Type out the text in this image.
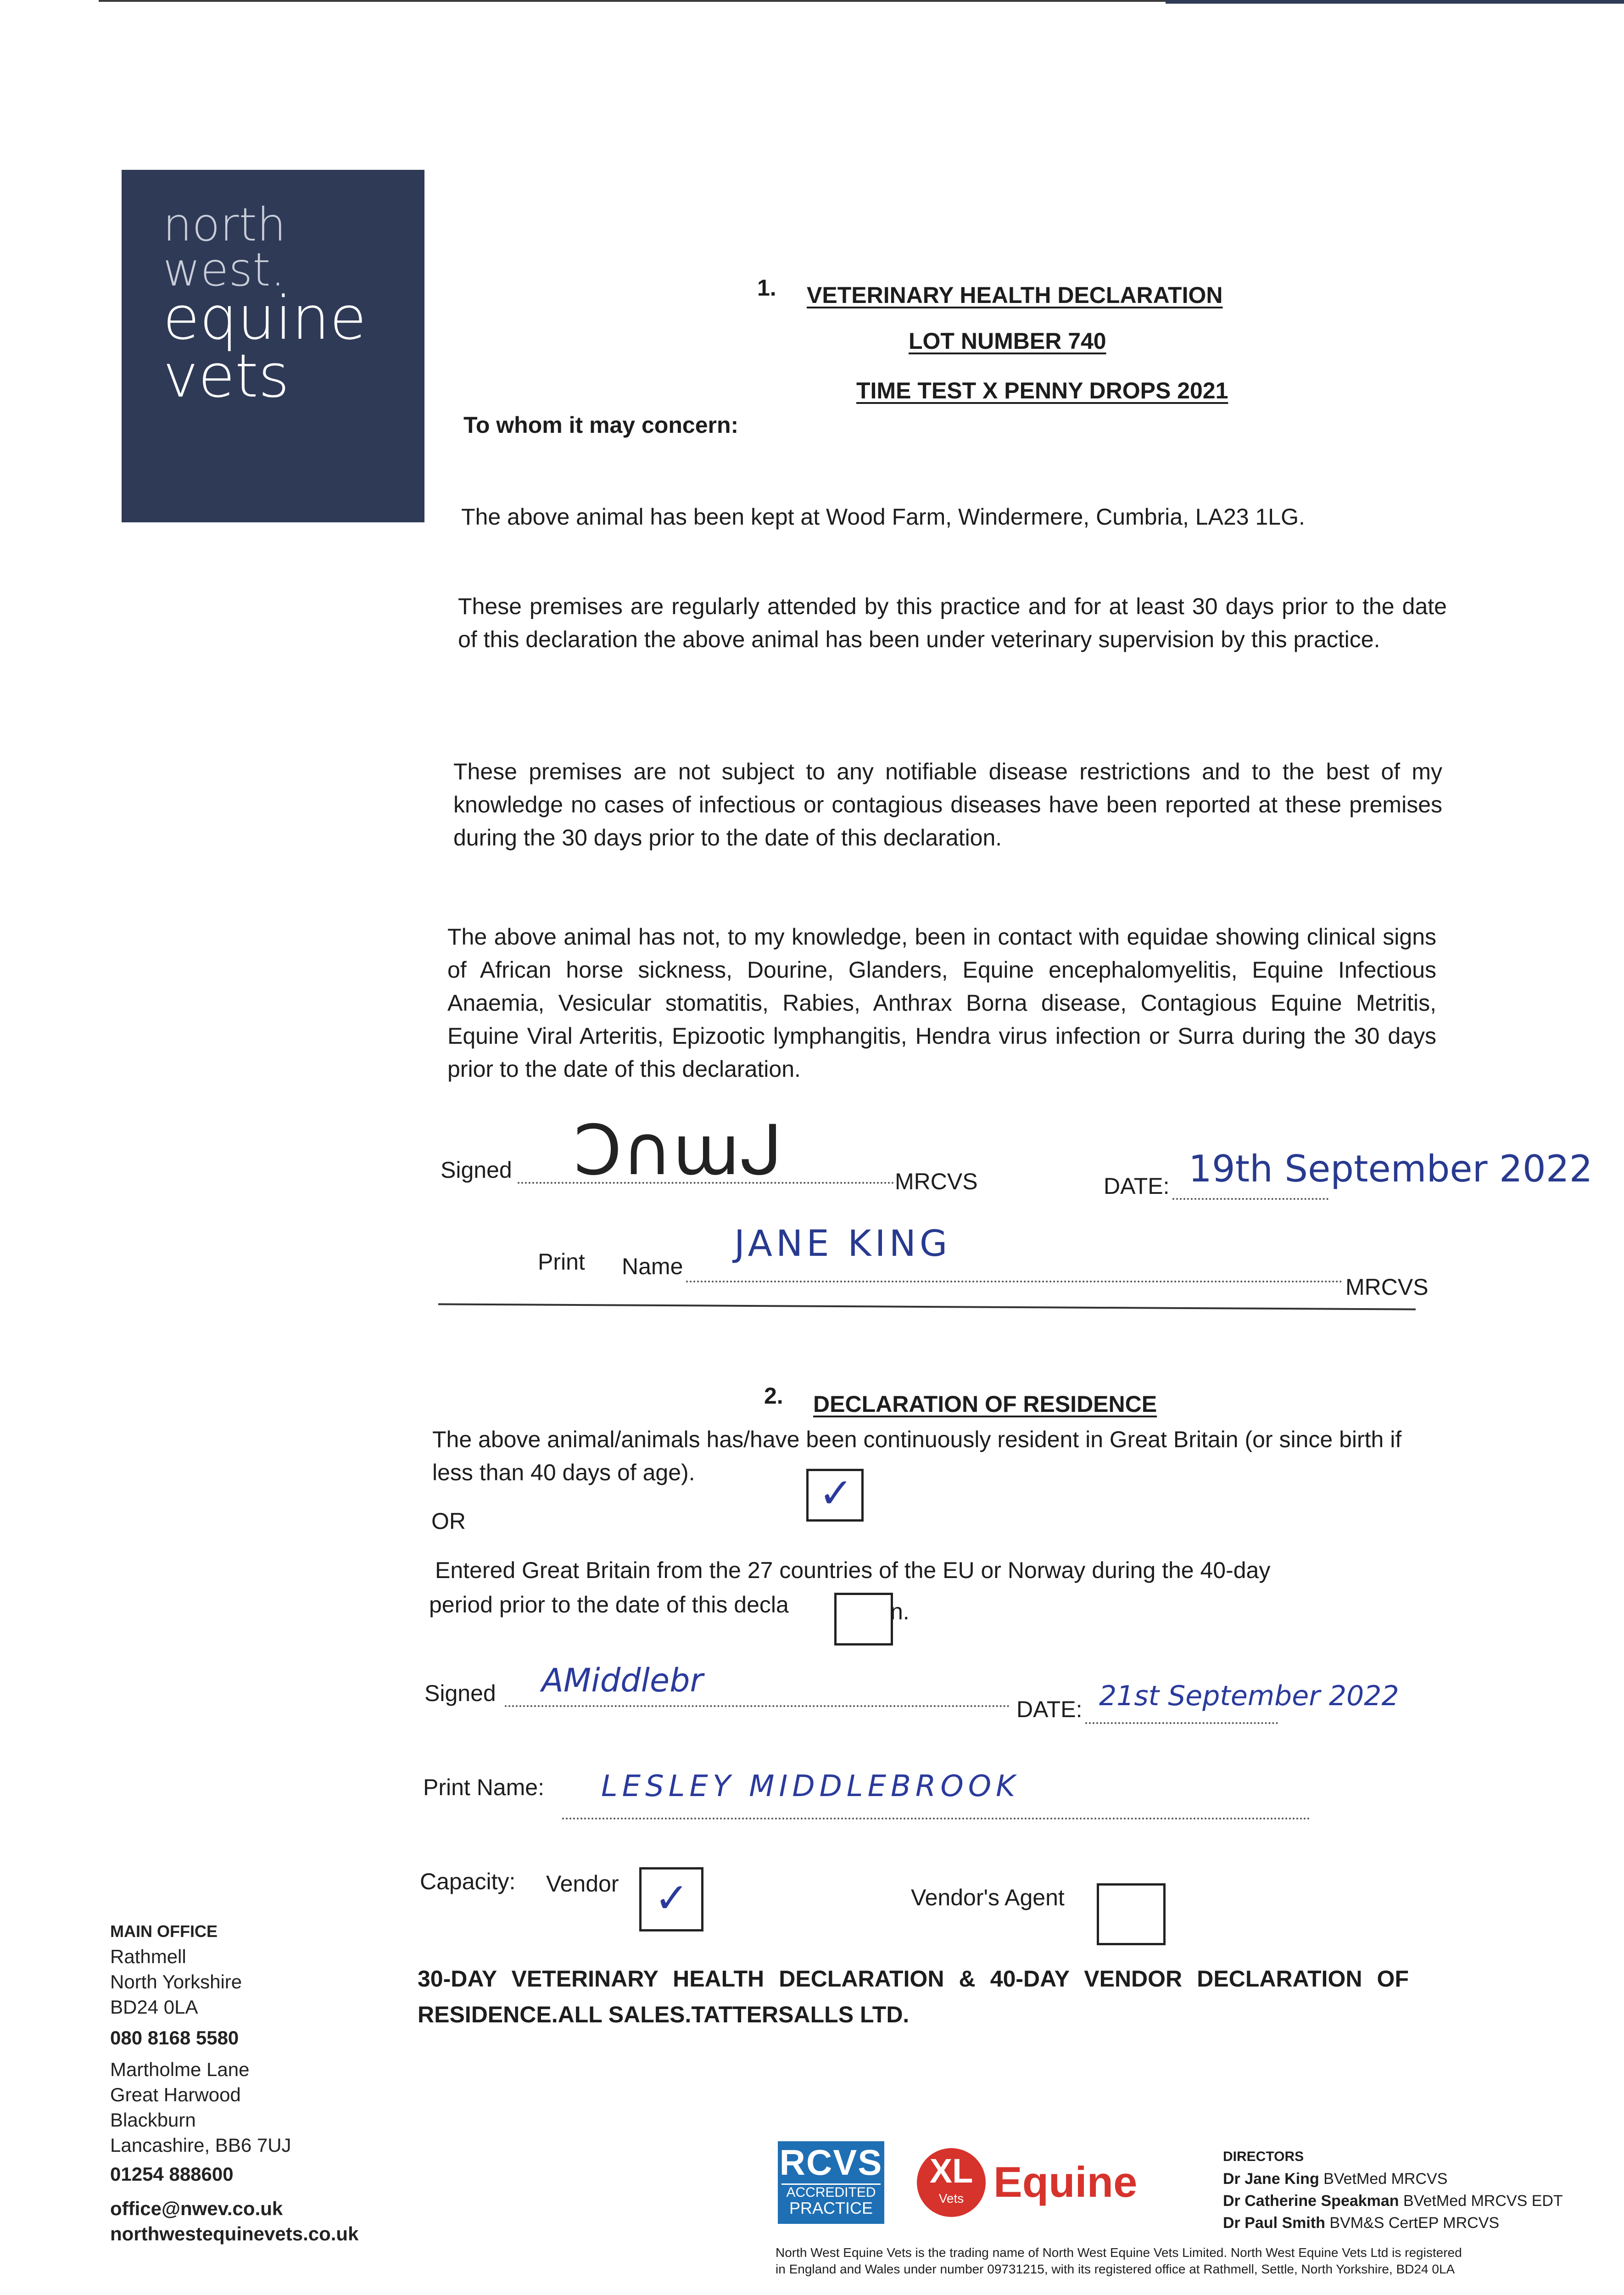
north
west.
equine
vets
1. VETERINARY HEALTH DECLARATION
LOT NUMBER 740
TIME TEST X PENNY DROPS 2021
To whom it may concern:
The above animal has been kept at Wood Farm, Windermere, Cumbria, LA23 1LG.
These premises are regularly attended by this practice and for at least 30 days prior to the date of this declaration the above animal has been under veterinary supervision by this practice.
These premises are not subject to any notifiable disease restrictions and to the best of my knowledge no cases of infectious or contagious diseases have been reported at these premises during the 30 days prior to the date of this declaration.
The above animal has not, to my knowledge, been in contact with equidae showing clinical signs of African horse sickness, Dourine, Glanders, Equine encephalomyelitis, Equine Infectious Anaemia, Vesicular stomatitis, Rabies, Anthrax Borna disease, Contagious Equine Metritis, Equine Viral Arteritis, Epizootic lymphangitis, Hendra virus infection or Surra during the 30 days prior to the date of this declaration.
Signed Ɔ∩ɯᒍ	MRCVS	DATE: 19th September 2022
Print Name
JANE KING
MRCVS
2. DECLARATION OF RESIDENCE
The above animal/animals has/have been continuously resident in Great Britain (or since birth if less than 40 days of age).	✓
OR
Entered Great Britain from the 27 countries of the EU or Norway during the 40-day
period prior to the date of this decla	n.
Signed AMiddlebr
DATE: 21st September 2022
Print Name: LESLEY MIDDLEBROOK
Capacity: Vendor ✓	Vendor's Agent
30-DAY VETERINARY HEALTH DECLARATION & 40-DAY VENDOR DECLARATION OF RESIDENCE.ALL SALES.TATTERSALLS LTD.
MAIN OFFICE
Rathmell
North Yorkshire
BD24 0LA
080 8168 5580
Martholme Lane
Great Harwood
Blackburn
Lancashire, BB6 7UJ
01254 888600
office@nwev.co.uk
northwestequinevets.co.uk
RCVS
ACCREDITED
PRACTICE
XL
Vets Equine
DIRECTORS
Dr Jane King BVetMed MRCVS
Dr Catherine Speakman BVetMed MRCVS EDT
Dr Paul Smith BVM&S CertEP MRCVS
North West Equine Vets is the trading name of North West Equine Vets Limited. North West Equine Vets Ltd is registered
in England and Wales under number 09731215, with its registered office at Rathmell, Settle, North Yorkshire, BD24 0LA
